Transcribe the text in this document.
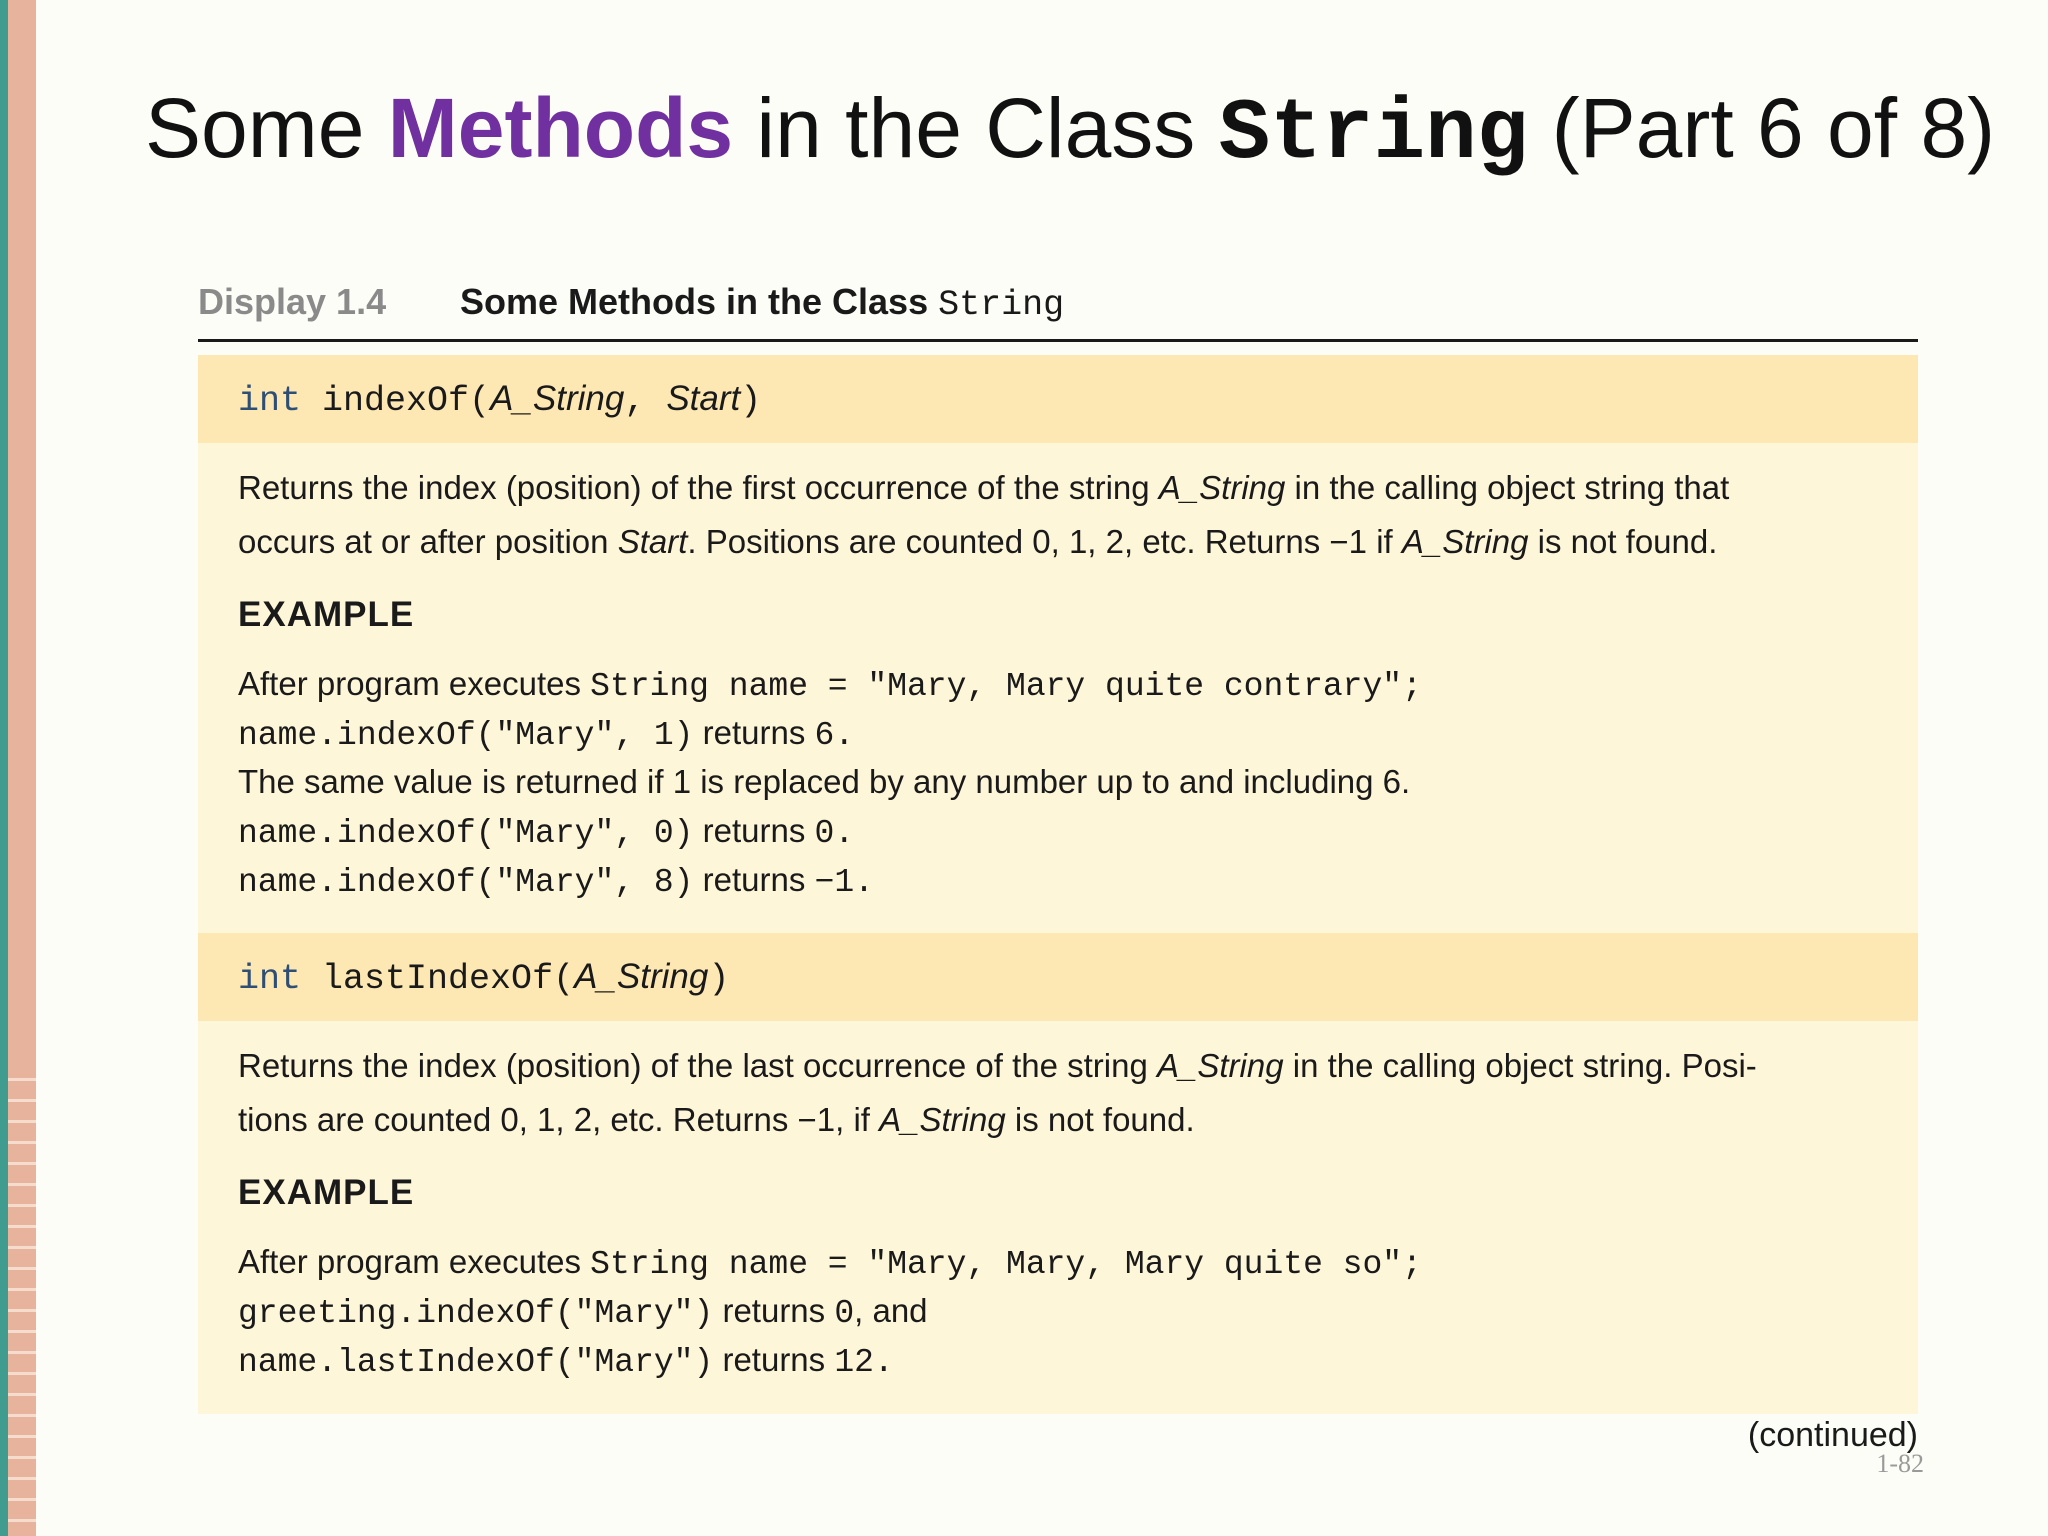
Some Methods in the Class String (Part 6 of 8)
Display 1.4 Some Methods in the Class String
int indexOf(A_String, Start)
Returns the index (position) of the first occurrence of the string A_String in the calling object string that
occurs at or after position Start. Positions are counted 0, 1, 2, etc. Returns −1 if A_String is not found.
EXAMPLE
After program executes String name = "Mary, Mary quite contrary";
name.indexOf("Mary", 1) returns 6.
The same value is returned if 1 is replaced by any number up to and including 6.
name.indexOf("Mary", 0) returns 0.
name.indexOf("Mary", 8) returns −1.
int lastIndexOf(A_String)
Returns the index (position) of the last occurrence of the string A_String in the calling object string. Posi-
tions are counted 0, 1, 2, etc. Returns −1, if A_String is not found.
EXAMPLE
After program executes String name = "Mary, Mary, Mary quite so";
greeting.indexOf("Mary") returns 0, and
name.lastIndexOf("Mary") returns 12.
(continued)
1-82
